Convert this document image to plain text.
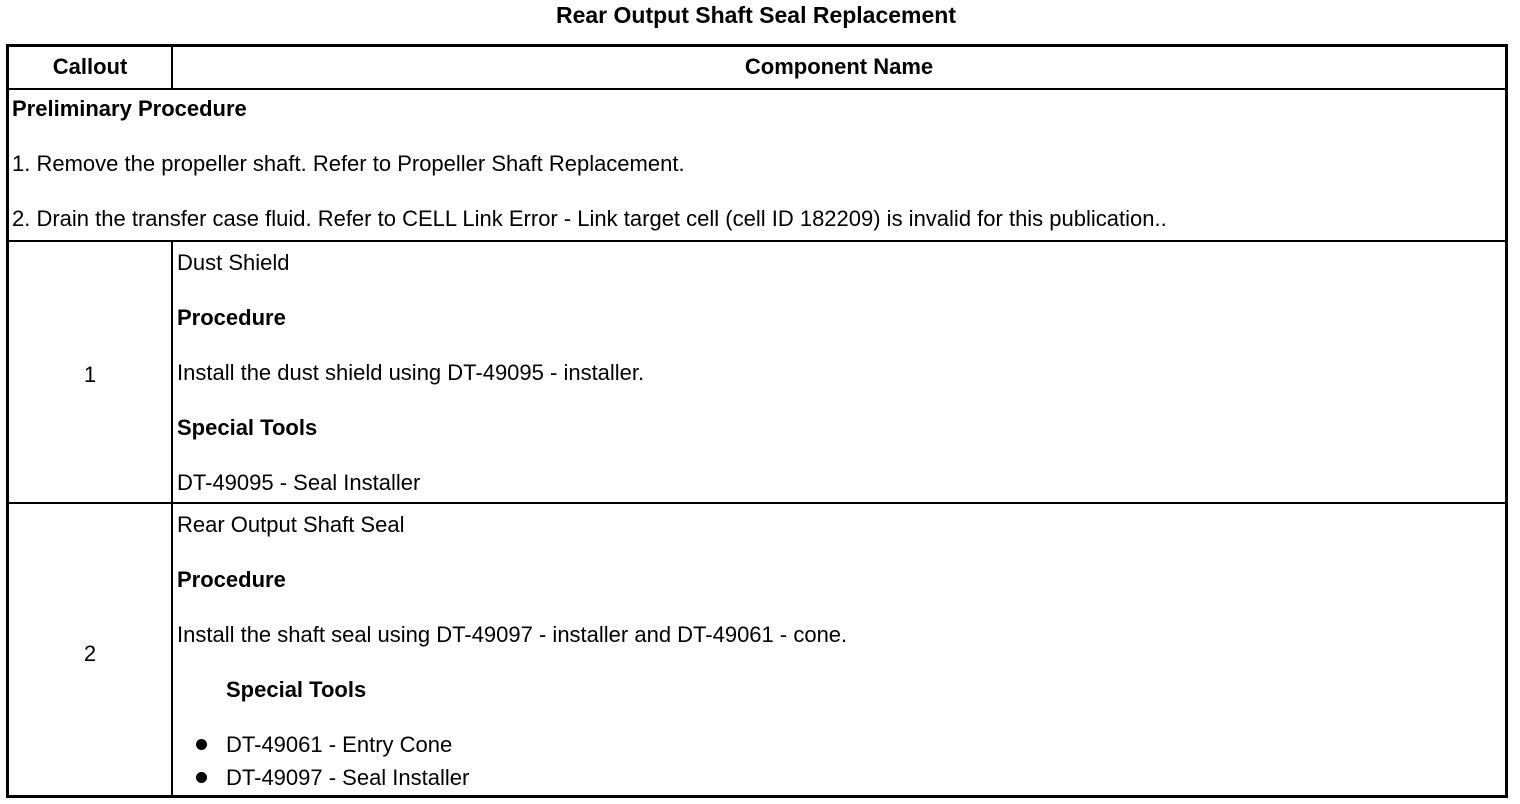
Rear Output Shaft Seal Replacement
Callout	Component Name
Preliminary Procedure
1. Remove the propeller shaft. Refer to Propeller Shaft Replacement.
2. Drain the transfer case fluid. Refer to CELL Link Error - Link target cell (cell ID 182209) is invalid for this publication..
1
Dust Shield
Procedure
Install the dust shield using DT-49095 - installer.
Special Tools
DT-49095 - Seal Installer
2
Rear Output Shaft Seal
Procedure
Install the shaft seal using DT-49097 - installer and DT-49061 - cone.
Special Tools
DT-49061 - Entry Cone
DT-49097 - Seal Installer
